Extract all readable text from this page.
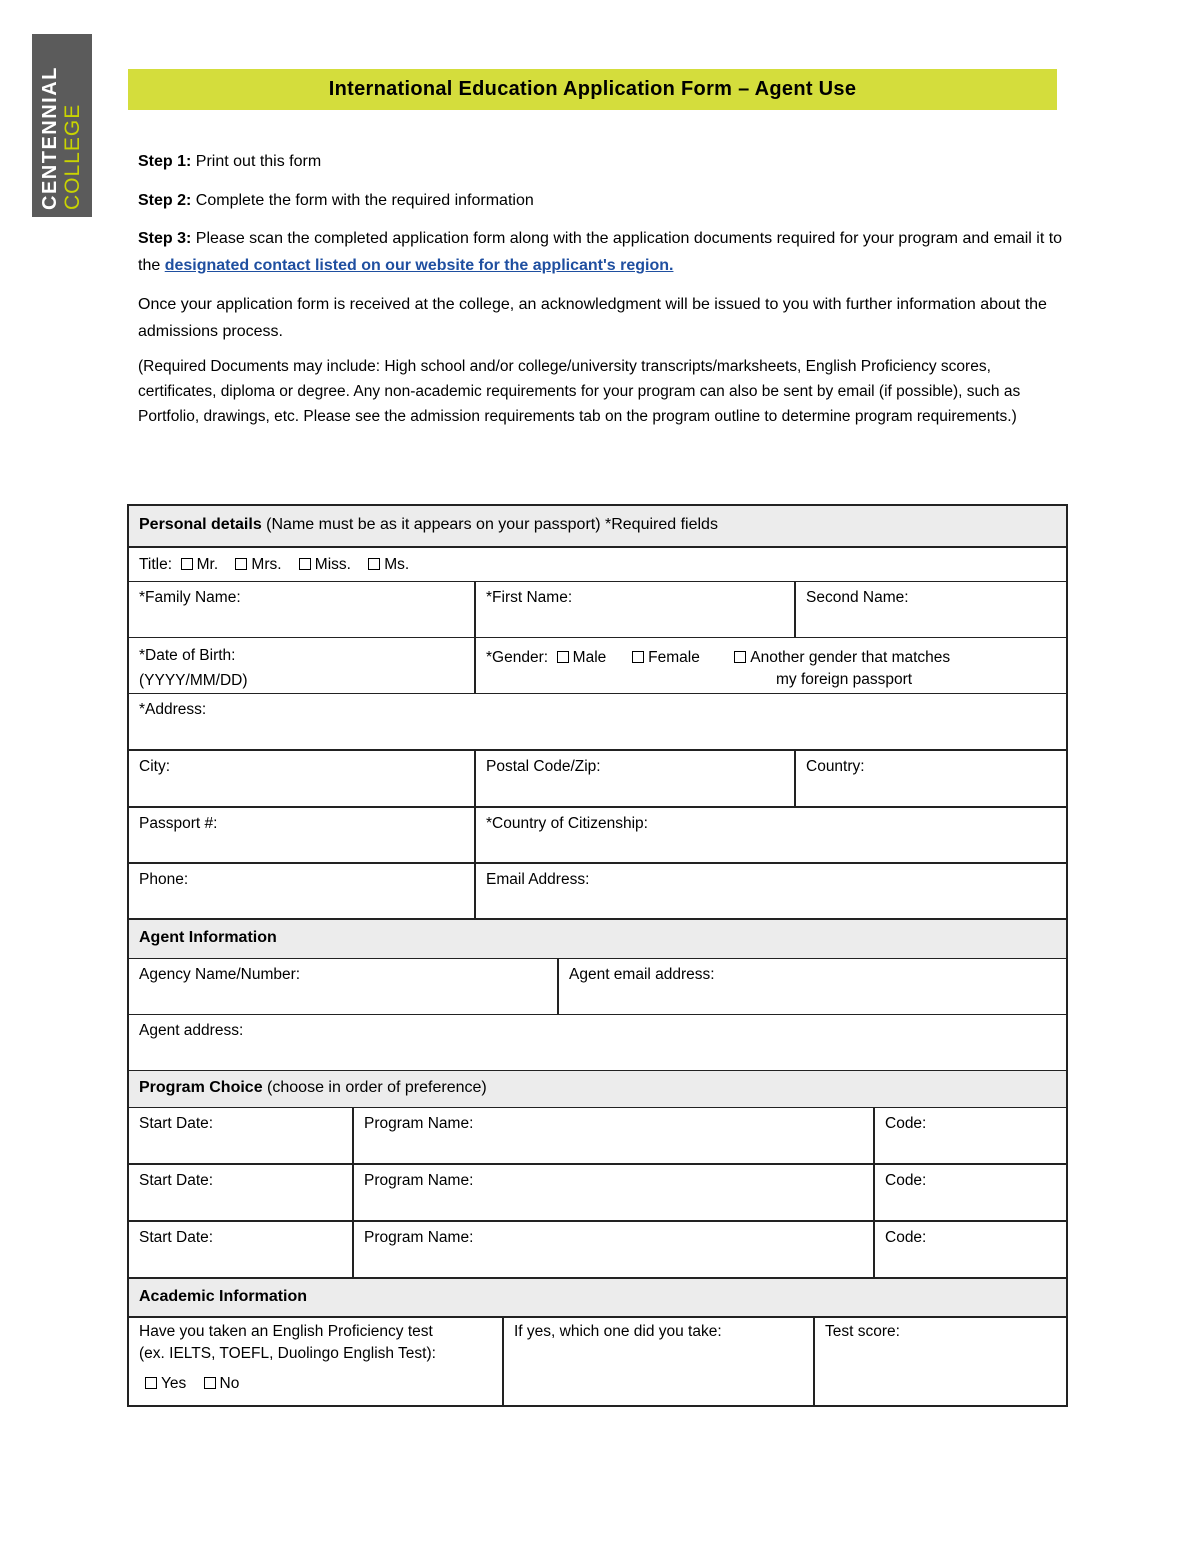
CENTENNIAL COLLEGE
International Education Application Form – Agent Use
Step 1: Print out this form
Step 2: Complete the form with the required information
Step 3: Please scan the completed application form along with the application documents required for your program and email it to the designated contact listed on our website for the applicant's region.
Once your application form is received at the college, an acknowledgment will be issued to you with further information about the admissions process.
(Required Documents may include: High school and/or college/university transcripts/marksheets, English Proficiency scores, certificates, diploma or degree. Any non-academic requirements for your program can also be sent by email (if possible), such as Portfolio, drawings, etc. Please see the admission requirements tab on the program outline to determine program requirements.)
Personal details (Name must be as it appears on your passport) *Required fields
Title: Mr. Mrs. Miss. Ms.
*Family Name:	*First Name:	Second Name:
*Date of Birth:
(YYYY/MM/DD)
*Gender: Male	Female	Another gender that matches
my foreign passport
*Address:
City:	Postal Code/Zip:	Country:
Passport #:	*Country of Citizenship:
Phone:	Email Address:
Agent Information
Agency Name/Number:	Agent email address:
Agent address:
Program Choice (choose in order of preference)
Start Date:	Program Name:	Code:
Start Date:	Program Name:	Code:
Start Date:	Program Name:	Code:
Academic Information
Have you taken an English Proficiency test
(ex. IELTS, TOEFL, Duolingo English Test):
Yes No
If yes, which one did you take:	Test score:
